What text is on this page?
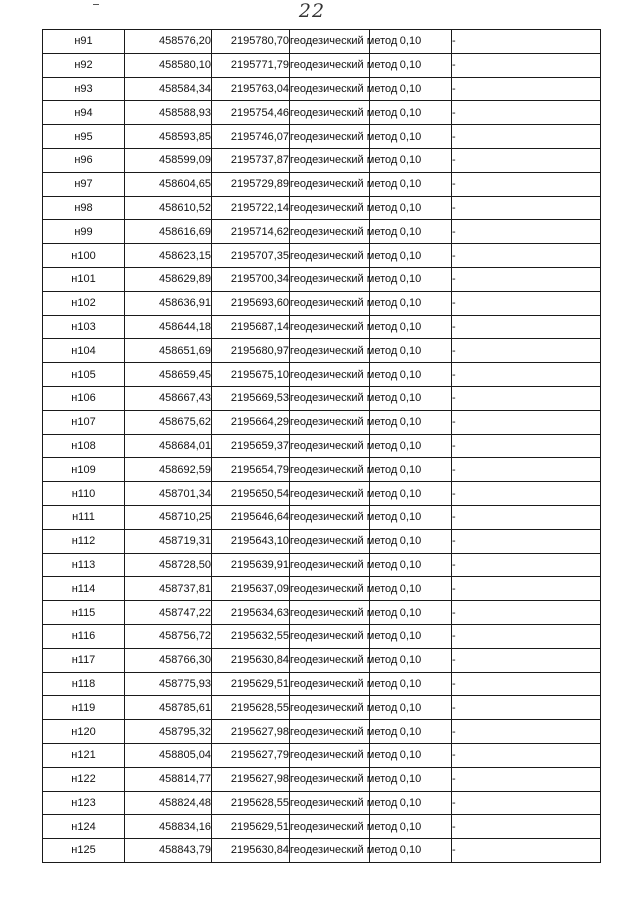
22
н91	458576,20	2195780,70	геодезический метод	0,10	-
н92	458580,10	2195771,79	геодезический метод	0,10	-
н93	458584,34	2195763,04	геодезический метод	0,10	-
н94	458588,93	2195754,46	геодезический метод	0,10	-
н95	458593,85	2195746,07	геодезический метод	0,10	-
н96	458599,09	2195737,87	геодезический метод	0,10	-
н97	458604,65	2195729,89	геодезический метод	0,10	-
н98	458610,52	2195722,14	геодезический метод	0,10	-
н99	458616,69	2195714,62	геодезический метод	0,10	-
н100	458623,15	2195707,35	геодезический метод	0,10	-
н101	458629,89	2195700,34	геодезический метод	0,10	-
н102	458636,91	2195693,60	геодезический метод	0,10	-
н103	458644,18	2195687,14	геодезический метод	0,10	-
н104	458651,69	2195680,97	геодезический метод	0,10	-
н105	458659,45	2195675,10	геодезический метод	0,10	-
н106	458667,43	2195669,53	геодезический метод	0,10	-
н107	458675,62	2195664,29	геодезический метод	0,10	-
н108	458684,01	2195659,37	геодезический метод	0,10	-
н109	458692,59	2195654,79	геодезический метод	0,10	-
н110	458701,34	2195650,54	геодезический метод	0,10	-
н111	458710,25	2195646,64	геодезический метод	0,10	-
н112	458719,31	2195643,10	геодезический метод	0,10	-
н113	458728,50	2195639,91	геодезический метод	0,10	-
н114	458737,81	2195637,09	геодезический метод	0,10	-
н115	458747,22	2195634,63	геодезический метод	0,10	-
н116	458756,72	2195632,55	геодезический метод	0,10	-
н117	458766,30	2195630,84	геодезический метод	0,10	-
н118	458775,93	2195629,51	геодезический метод	0,10	-
н119	458785,61	2195628,55	геодезический метод	0,10	-
н120	458795,32	2195627,98	геодезический метод	0,10	-
н121	458805,04	2195627,79	геодезический метод	0,10	-
н122	458814,77	2195627,98	геодезический метод	0,10	-
н123	458824,48	2195628,55	геодезический метод	0,10	-
н124	458834,16	2195629,51	геодезический метод	0,10	-
н125	458843,79	2195630,84	геодезический метод	0,10	-
